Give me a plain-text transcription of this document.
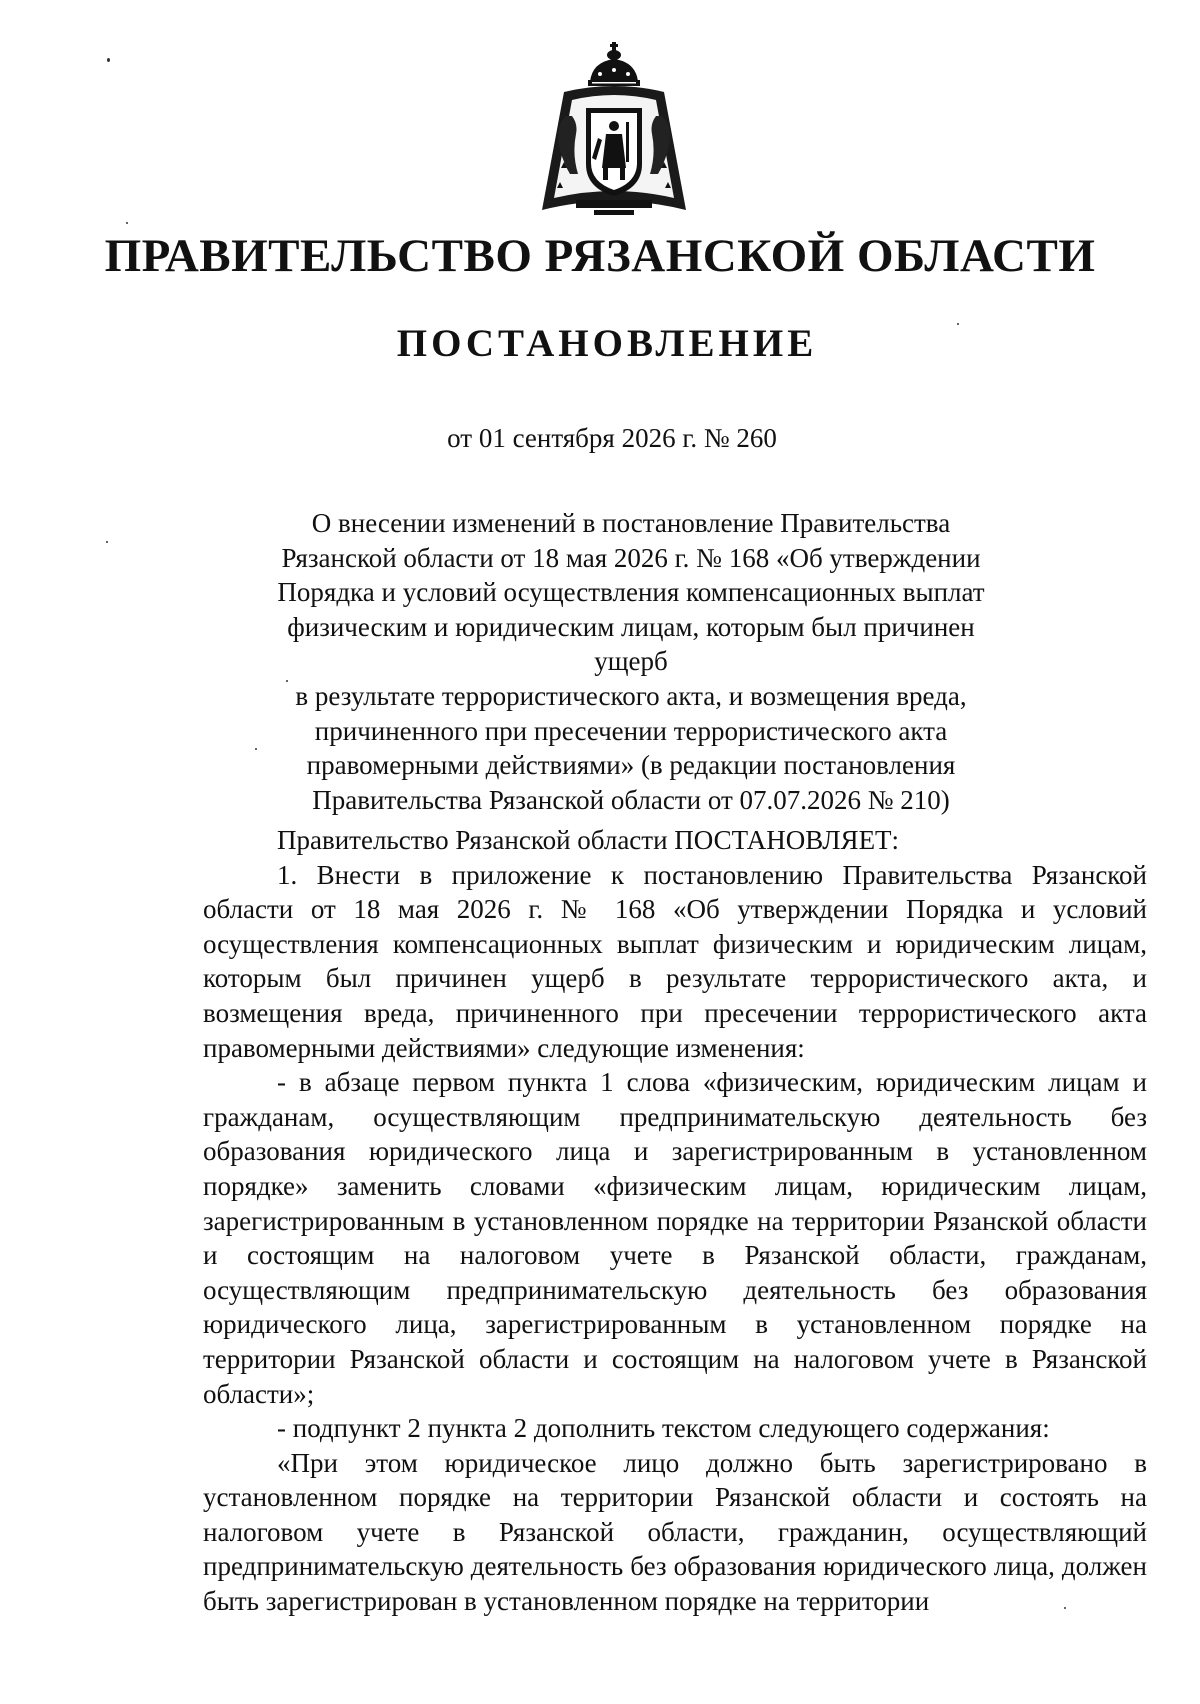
ПРАВИТЕЛЬСТВО РЯЗАНСКОЙ ОБЛАСТИ
ПОСТАНОВЛЕНИЕ
от 01 сентября 2026 г. № 260
О внесении изменений в постановление Правительства
Рязанской области от 18 мая 2026 г. № 168 «Об утверждении
Порядка и условий осуществления компенсационных выплат
физическим и юридическим лицам, которым был причинен ущерб
в результате террористического акта, и возмещения вреда,
причиненного при пресечении террористического акта
правомерными действиями» (в редакции постановления
Правительства Рязанской области от 07.07.2026 № 210)

Правительство Рязанской области ПОСТАНОВЛЯЕТ:

1. Внести в приложение к постановлению Правительства Рязанской области от 18 мая 2026 г. № 168 «Об утверждении Порядка и условий осуществления компенсационных выплат физическим и юридическим лицам, которым был причинен ущерб в результате террористического акта, и возмещения вреда, причиненного при пресечении террористического акта правомерными действиями» следующие изменения:

- в абзаце первом пункта 1 слова «физическим, юридическим лицам и гражданам, осуществляющим предпринимательскую деятельность без образования юридического лица и зарегистрированным в установленном порядке» заменить словами «физическим лицам, юридическим лицам, зарегистрированным в установленном порядке на территории Рязанской области и состоящим на налоговом учете в Рязанской области, гражданам, осуществляющим предпринимательскую деятельность без образования юридического лица, зарегистрированным в установленном порядке на территории Рязанской области и состоящим на налоговом учете в Рязанской области»;

- подпункт 2 пункта 2 дополнить текстом следующего содержания:

«При этом юридическое лицо должно быть зарегистрировано в установленном порядке на территории Рязанской области и состоять на налоговом учете в Рязанской области, гражданин, осуществляющий предпринимательскую деятельность без образования юридического лица, должен быть зарегистрирован в установленном порядке на территории
